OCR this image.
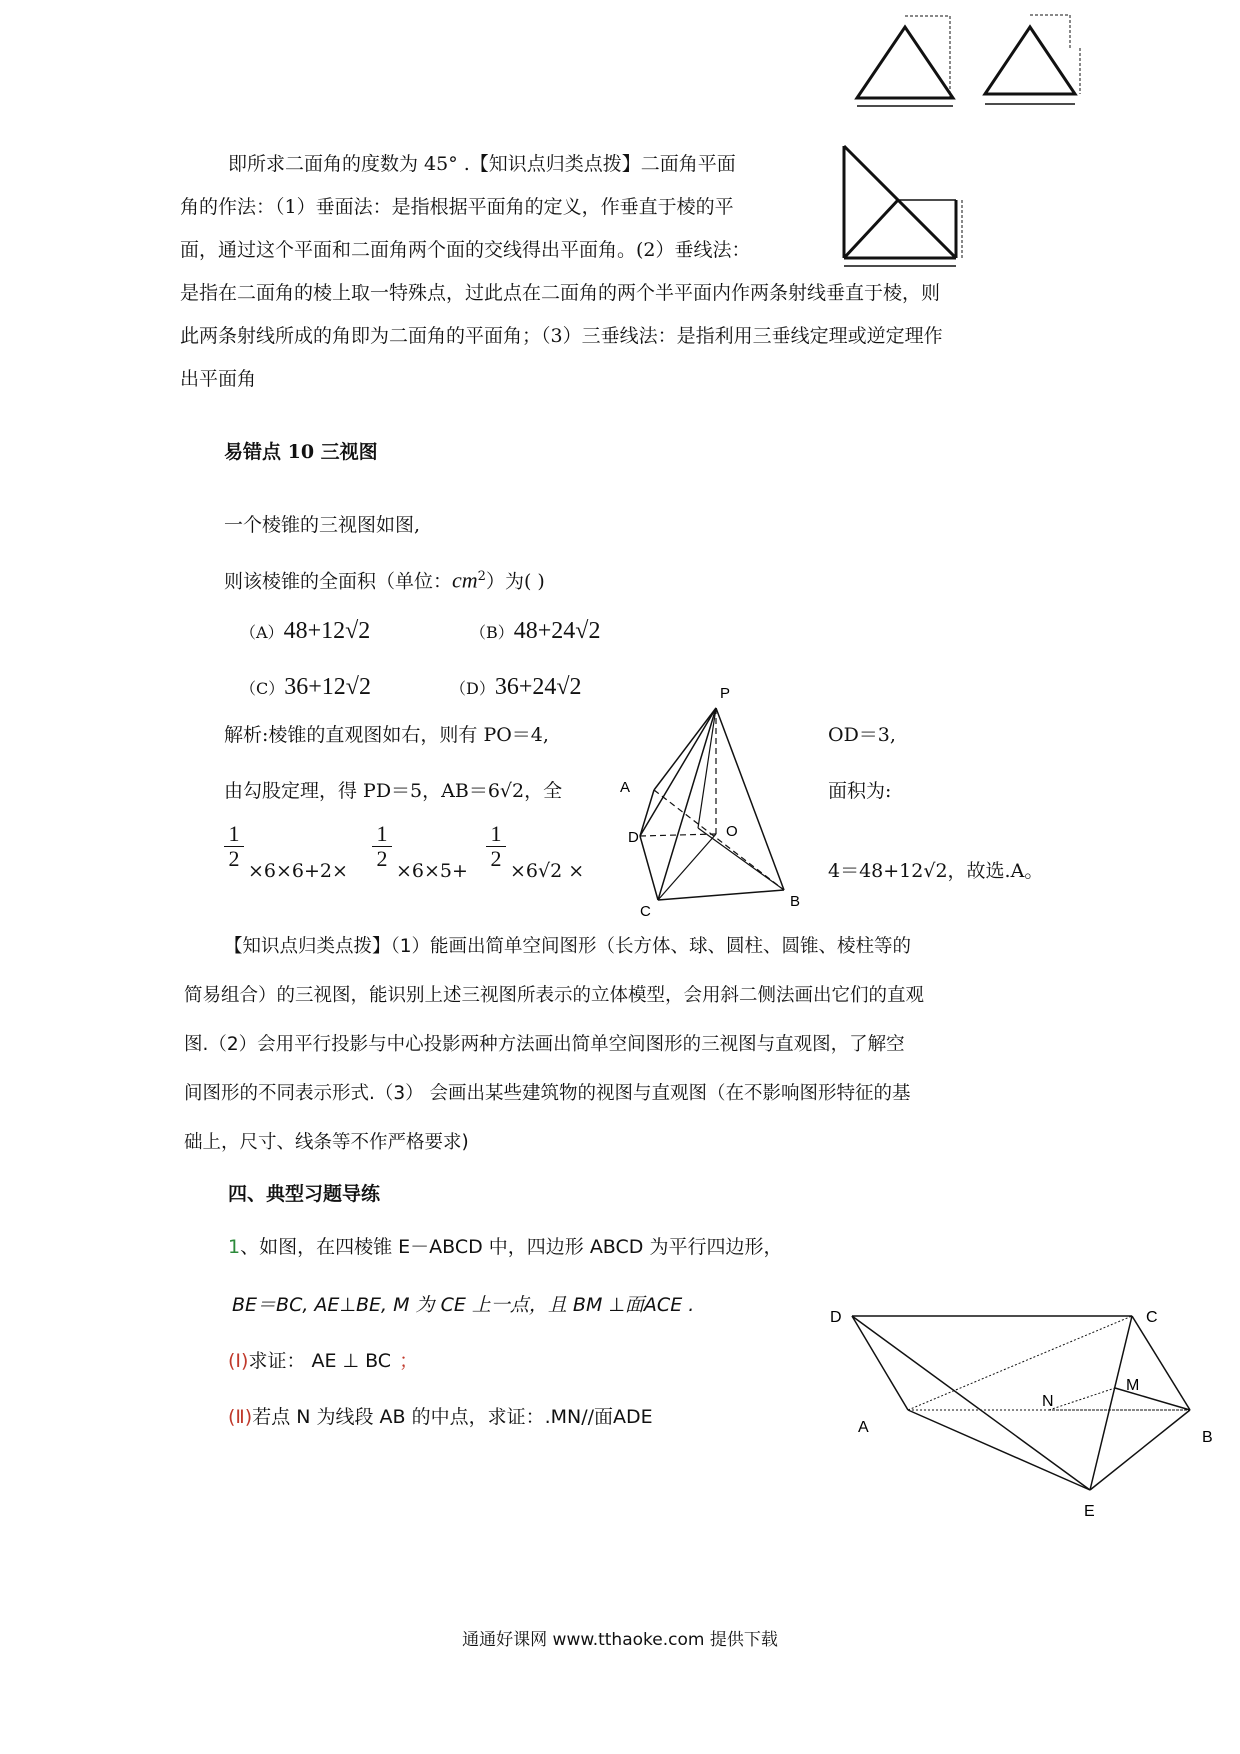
即所求二面角的度数为 45° .【知识点归类点拨】二面角平面
角的作法：（1）垂面法：是指根据平面角的定义，作垂直于棱的平
面，通过这个平面和二面角两个面的交线得出平面角。(2）垂线法：
是指在二面角的棱上取一特殊点，过此点在二面角的两个半平面内作两条射线垂直于棱，则
此两条射线所成的角即为二面角的平面角；（3）三垂线法：是指利用三垂线定理或逆定理作
出平面角
易错点 10 三视图
一个棱锥的三视图如图,
则该棱锥的全面积（单位：$cm^2$）为( )
（A）48+12√2	（B）48+24√2
（C）36+12√2	（D）36+24√2
解析:棱锥的直观图如右，则有 PO＝4,	OD＝3,
由勾股定理，得 PD＝5，AB＝6√2，全	面积为:
1
2 ×6×6+2×
1
2 ×6×5+
1
2 ×6√2 ×	4＝48+12√2，故选.A。
P
A
D	O
C
B
【知识点归类点拨】（1）能画出简单空间图形（长方体、球、圆柱、圆锥、棱柱等的
简易组合）的三视图，能识别上述三视图所表示的立体模型，会用斜二侧法画出它们的直观
图.（2）会用平行投影与中心投影两种方法画出简单空间图形的三视图与直观图，了解空
间图形的不同表示形式.（3） 会画出某些建筑物的视图与直观图（在不影响图形特征的基
础上，尺寸、线条等不作严格要求)
四、典型习题导练
1、如图，在四棱锥 E－ABCD 中，四边形 ABCD 为平行四边形，
BE＝BC, AE⊥BE, M 为 CE 上一点，且 BM ⊥面ACE .
(Ⅰ)求证： AE ⊥ BC ；
(Ⅱ)若点 N 为线段 AB 的中点，求证：.MN//面ADE
D	C
M
N
A
B
E
通通好课网 www.tthaoke.com 提供下载
